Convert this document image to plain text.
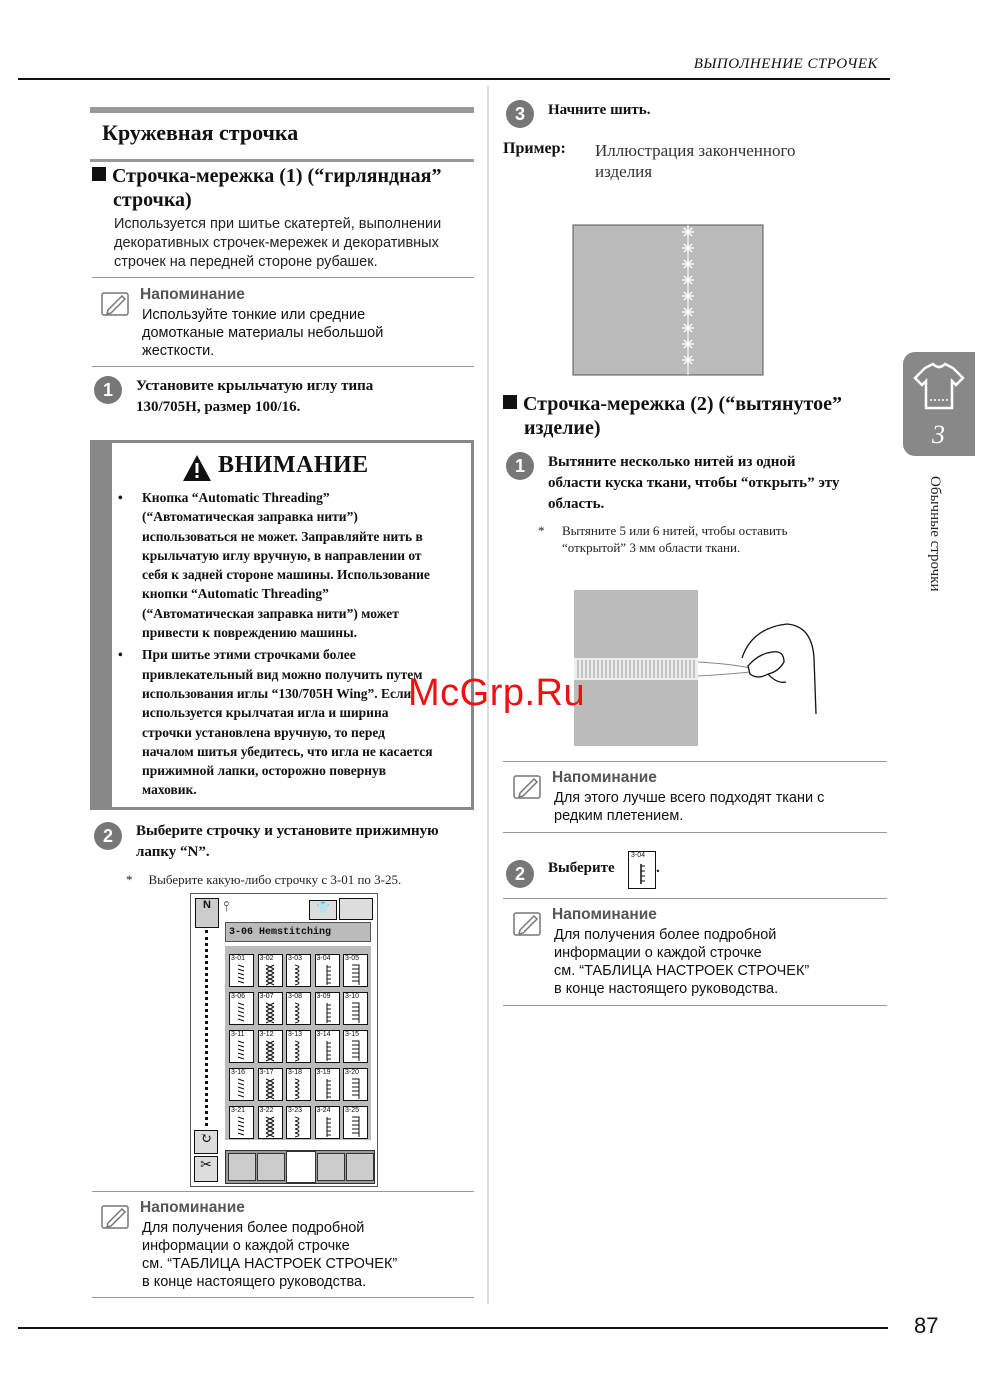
ВЫПОЛНЕНИЕ СТРОЧЕК
87
3
Обычные строчки
Кружевная строчка
Строчка-мережка (1) (“гирляндная”
строчка)
Используется при шитье скатертей, выполнении
декоративных строчек-мережек и декоративных
строчек на передней стороне рубашек.
Напоминание
Используйте тонкие или средние
домотканые материалы небольшой
жесткости.
1	Установите крыльчатую иглу типа
130/705H, размер 100/16.
ВНИМАНИЕ
• Кнопка “Automatic Threading”
(“Автоматическая заправка нити”)
использоваться не может. Заправляйте нить в
крыльчатую иглу вручную, в направлении от
себя к задней стороне машины. Использование
кнопки “Automatic Threading”
(“Автоматическая заправка нити”) может
привести к повреждению машины.
• При шитье этими строчками более
привлекательный вид можно получить путем
использования иглы “130/705H Wing”. Если
используется крылчатая игла и ширина
строчки установлена вручную, то перед
началом шитья убедитесь, что игла не касается
прижимной лапки, осторожно повернув
маховик.
2	Выберите строчку и установите прижимную
лапку “N”.
* Выберите какую-либо строчку с 3-01 по 3-25.
N ⫯	👕
3-06 Hemstitching
3-01 3-02 3-03 3-04 3-05
3-06 3-07 3-08 3-09 3-10
3-11 3-12 3-13 3-14 3-15
3-16 3-17 3-18 3-19 3-20
3-21 3-22 3-23 3-24 3-25
↻
✂
Напоминание
Для получения более подробной
информации о каждой строчке
см. “ТАБЛИЦА НАСТРОЕК СТРОЧЕК”
в конце настоящего руководства.
3	Начните шить.
Пример: Иллюстрация законченного
изделия
Строчка-мережка (2) (“вытянутое”
изделие)
1	Вытяните несколько нитей из одной
области куска ткани, чтобы “открыть” эту
область.
* Вытяните 5 или 6 нитей, чтобы оставить
“открытой” 3 мм области ткани.
Напоминание
Для этого лучше всего подходят ткани с
редким плетением.
2	Выберите
3-04
.
Напоминание
Для получения более подробной
информации о каждой строчке
см. “ТАБЛИЦА НАСТРОЕК СТРОЧЕК”
в конце настоящего руководства.
McGrp.Ru
